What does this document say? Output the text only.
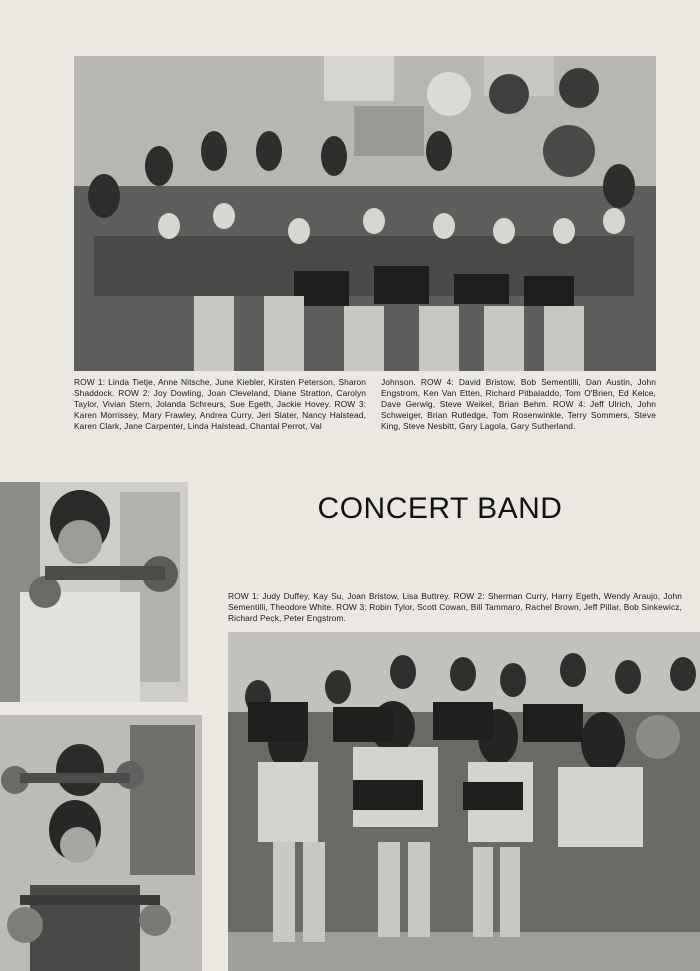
ROW 1: Linda Tietje, Anne Nitsche, June Kiebler, Kirsten Peterson, Sharon Shaddock. ROW 2: Joy Dowling, Joan Cleveland, Diane Stratton, Carolyn Taylor, Vivian Stern, Jolanda Schreurs, Sue Egeth, Jackie Hovey. ROW 3: Karen Morrissey, Mary Frawley, Andrea Curry, Jeri Slater, Nancy Halstead, Karen Clark, Jane Carpenter, Linda Halstead, Chantal Perrot, Val
Johnson. ROW 4: David Bristow, Bob Sementilli, Dan Austin, John Engstrom, Ken Van Etten, Richard Pitbaladdo, Tom O'Brien, Ed Kelce, Dave Gerwig, Steve Weikel, Brian Behm. ROW 4: Jeff Ulrich, John Schweiger, Brian Rutledge, Tom Rosenwinkle, Terry Sommers, Steve King, Steve Nesbitt, Gary Lagola, Gary Sutherland.
CONCERT BAND
ROW 1: Judy Duffey, Kay Su, Joan Bristow, Lisa Buttrey. ROW 2: Sherman Curry, Harry Egeth, Wendy Araujo, John Sementilli, Theodore White. ROW 3: Robin Tylor, Scott Cowan, Bill Tammaro, Rachel Brown, Jeff Pillar, Bob Sinkewicz, Richard Peck, Peter Engstrom.
